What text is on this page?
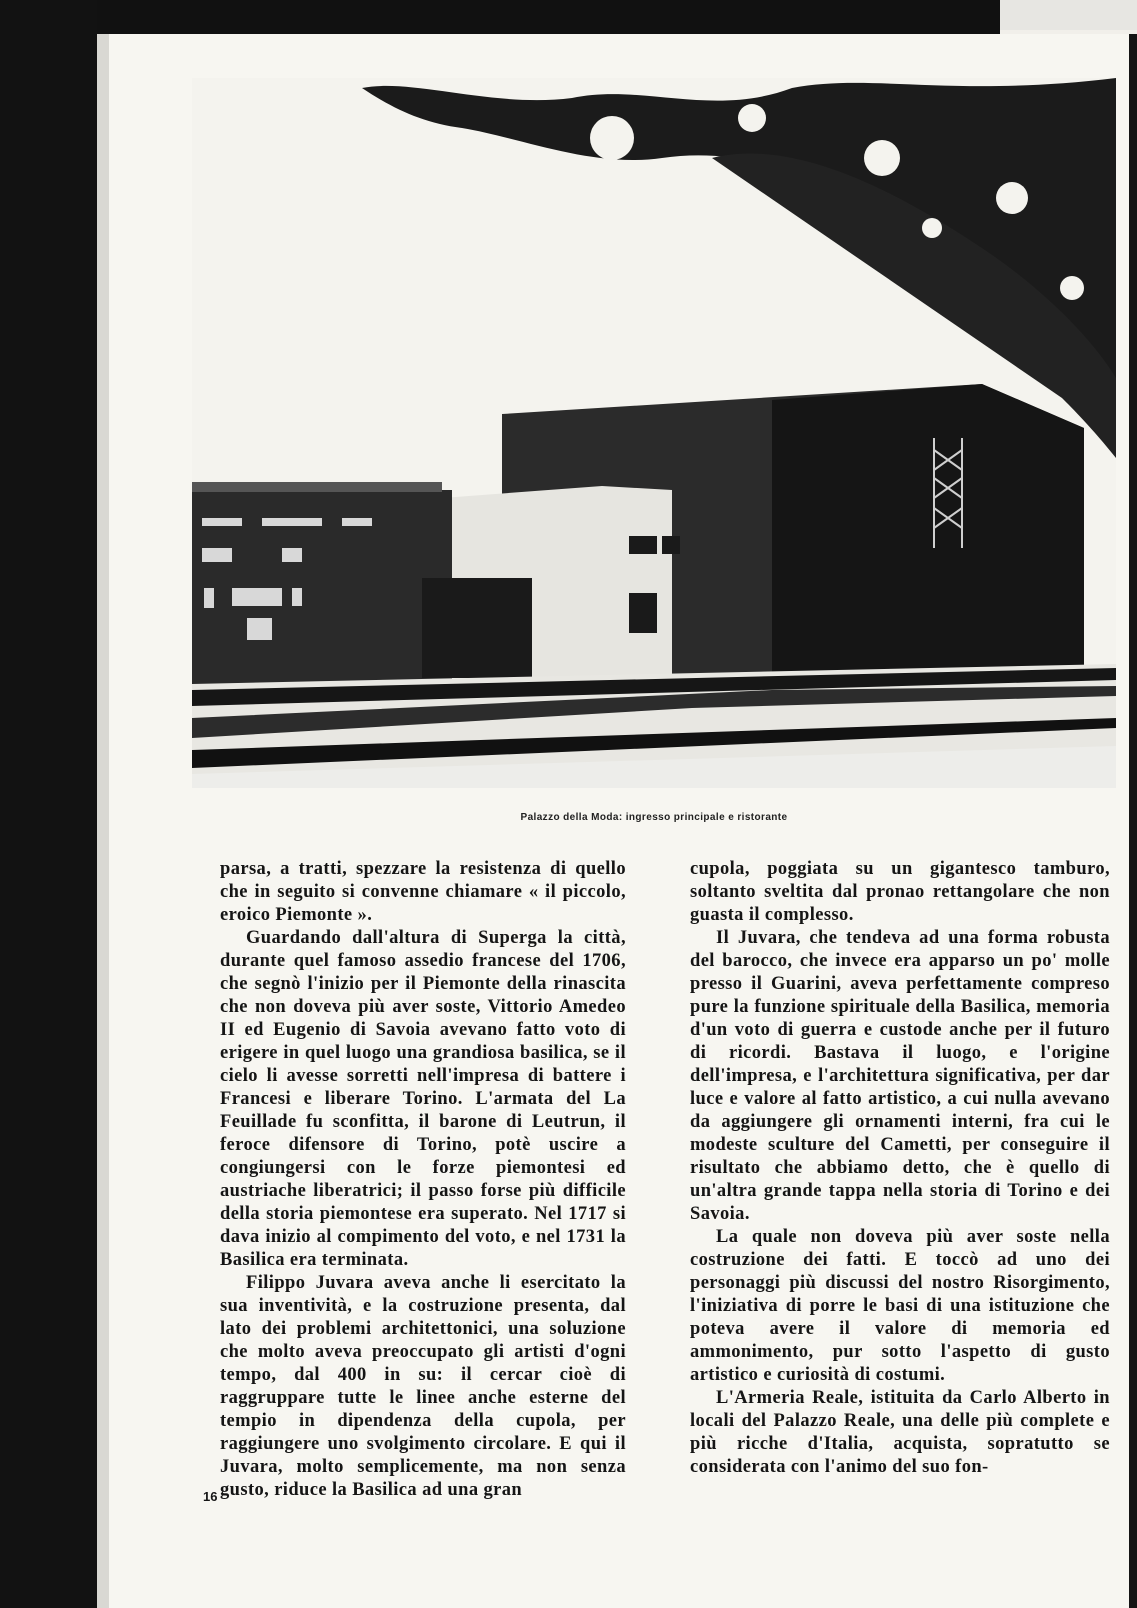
Palazzo della Moda: ingresso principale e ristorante

parsa, a tratti, spezzare la resistenza di quello che in seguito si convenne chiamare « il piccolo, eroico Piemonte ».

Guardando dall'altura di Superga la città, durante quel famoso assedio francese del 1706, che segnò l'inizio per il Piemonte della rinascita che non doveva più aver soste, Vittorio Amedeo II ed Eugenio di Savoia avevano fatto voto di erigere in quel luogo una grandiosa basilica, se il cielo li avesse sorretti nell'impresa di battere i Francesi e liberare Torino. L'armata del La Feuillade fu sconfitta, il barone di Leutrun, il feroce difensore di Torino, potè uscire a congiungersi con le forze piemontesi ed austriache liberatrici; il passo forse più difficile della storia piemontese era superato. Nel 1717 si dava inizio al compimento del voto, e nel 1731 la Basilica era terminata.

Filippo Juvara aveva anche li esercitato la sua inventività, e la costruzione presenta, dal lato dei problemi architettonici, una soluzione che molto aveva preoccupato gli artisti d'ogni tempo, dal 400 in su: il cercar cioè di raggruppare tutte le linee anche esterne del tempio in dipendenza della cupola, per raggiungere uno svolgimento circolare. E qui il Juvara, molto semplicemente, ma non senza gusto, riduce la Basilica ad una gran

cupola, poggiata su un gigantesco tamburo, soltanto sveltita dal pronao rettangolare che non guasta il complesso.

Il Juvara, che tendeva ad una forma robusta del barocco, che invece era apparso un po' molle presso il Guarini, aveva perfettamente compreso pure la funzione spirituale della Basilica, memoria d'un voto di guerra e custode anche per il futuro di ricordi. Bastava il luogo, e l'origine dell'impresa, e l'architettura significativa, per dar luce e valore al fatto artistico, a cui nulla avevano da aggiungere gli ornamenti interni, fra cui le modeste sculture del Cametti, per conseguire il risultato che abbiamo detto, che è quello di un'altra grande tappa nella storia di Torino e dei Savoia.

La quale non doveva più aver soste nella costruzione dei fatti. E toccò ad uno dei personaggi più discussi del nostro Risorgimento, l'iniziativa di porre le basi di una istituzione che poteva avere il valore di memoria ed ammonimento, pur sotto l'aspetto di gusto artistico e curiosità di costumi.

L'Armeria Reale, istituita da Carlo Alberto in locali del Palazzo Reale, una delle più complete e più ricche d'Italia, acquista, sopratutto se considerata con l'animo del suo fon-

16
